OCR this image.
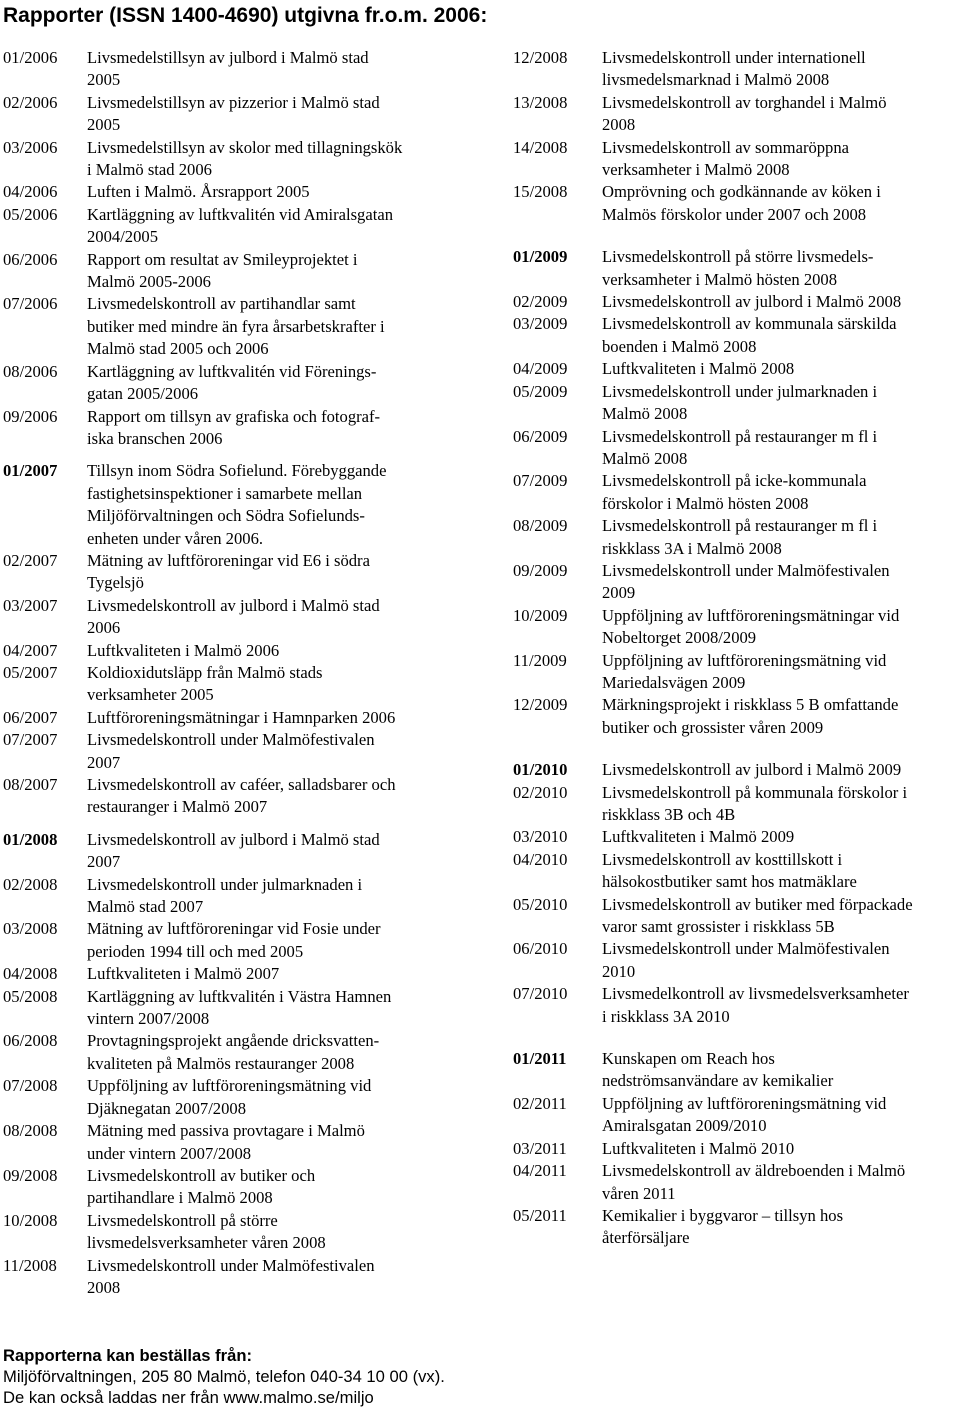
Rapporter (ISSN 1400-4690) utgivna fr.o.m. 2006:
01/2006	Livsmedelstillsyn av julbord i Malmö stad
2005
02/2006	Livsmedelstillsyn av pizzerior i Malmö stad
2005
03/2006	Livsmedelstillsyn av skolor med tillagningskök
i Malmö stad 2006
04/2006	Luften i Malmö. Årsrapport 2005
05/2006	Kartläggning av luftkvalitén vid Amiralsgatan
2004/2005
06/2006	Rapport om resultat av Smileyprojektet i
Malmö 2005-2006
07/2006	Livsmedelskontroll av partihandlar samt
butiker med mindre än fyra årsarbetskrafter i
Malmö stad 2005 och 2006
08/2006	Kartläggning av luftkvalitén vid Förenings-
gatan 2005/2006
09/2006	Rapport om tillsyn av grafiska och fotograf-
iska branschen 2006
01/2007	Tillsyn inom Södra Sofielund. Förebyggande
fastighetsinspektioner i samarbete mellan
Miljöförvaltningen och Södra Sofielunds-
enheten under våren 2006.
02/2007	Mätning av luftföroreningar vid E6 i södra
Tygelsjö
03/2007	Livsmedelskontroll av julbord i Malmö stad
2006
04/2007	Luftkvaliteten i Malmö 2006
05/2007	Koldioxidutsläpp från Malmö stads
verksamheter 2005
06/2007	Luftföroreningsmätningar i Hamnparken 2006
07/2007	Livsmedelskontroll under Malmöfestivalen
2007
08/2007	Livsmedelskontroll av caféer, salladsbarer och
restauranger i Malmö 2007
01/2008	Livsmedelskontroll av julbord i Malmö stad
2007
02/2008	Livsmedelskontroll under julmarknaden i
Malmö stad 2007
03/2008	Mätning av luftföroreningar vid Fosie under
perioden 1994 till och med 2005
04/2008	Luftkvaliteten i Malmö 2007
05/2008	Kartläggning av luftkvalitén i Västra Hamnen
vintern 2007/2008
06/2008	Provtagningsprojekt angående dricksvatten-
kvaliteten på Malmös restauranger 2008
07/2008	Uppföljning av luftföroreningsmätning vid
Djäknegatan 2007/2008
08/2008	Mätning med passiva provtagare i Malmö
under vintern 2007/2008
09/2008	Livsmedelskontroll av butiker och
partihandlare i Malmö 2008
10/2008	Livsmedelskontroll på större
livsmedelsverksamheter våren 2008
11/2008	Livsmedelskontroll under Malmöfestivalen
2008
12/2008	Livsmedelskontroll under internationell
livsmedelsmarknad i Malmö 2008
13/2008	Livsmedelskontroll av torghandel i Malmö
2008
14/2008	Livsmedelskontroll av sommaröppna
verksamheter i Malmö 2008
15/2008	Omprövning och godkännande av köken i
Malmös förskolor under 2007 och 2008
01/2009	Livsmedelskontroll på större livsmedels-
verksamheter i Malmö hösten 2008
02/2009	Livsmedelskontroll av julbord i Malmö 2008
03/2009	Livsmedelskontroll av kommunala särskilda
boenden i Malmö 2008
04/2009	Luftkvaliteten i Malmö 2008
05/2009	Livsmedelskontroll under julmarknaden i
Malmö 2008
06/2009	Livsmedelskontroll på restauranger m fl i
Malmö 2008
07/2009	Livsmedelskontroll på icke-kommunala
förskolor i Malmö hösten 2008
08/2009	Livsmedelskontroll på restauranger m fl i
riskklass 3A i Malmö 2008
09/2009	Livsmedelskontroll under Malmöfestivalen
2009
10/2009	Uppföljning av luftföroreningsmätningar vid
Nobeltorget 2008/2009
11/2009	Uppföljning av luftföroreningsmätning vid
Mariedalsvägen 2009
12/2009	Märkningsprojekt i riskklass 5 B omfattande
butiker och grossister våren 2009
01/2010	Livsmedelskontroll av julbord i Malmö 2009
02/2010	Livsmedelskontroll på kommunala förskolor i
riskklass 3B och 4B
03/2010	Luftkvaliteten i Malmö 2009
04/2010	Livsmedelskontroll av kosttillskott i
hälsokostbutiker samt hos matmäklare
05/2010	Livsmedelskontroll av butiker med förpackade
varor samt grossister i riskklass 5B
06/2010	Livsmedelskontroll under Malmöfestivalen
2010
07/2010	Livsmedelkontroll av livsmedelsverksamheter
i riskklass 3A 2010
01/2011	Kunskapen om Reach hos
nedströmsanvändare av kemikalier
02/2011	Uppföljning av luftföroreningsmätning vid
Amiralsgatan 2009/2010
03/2011	Luftkvaliteten i Malmö 2010
04/2011	Livsmedelskontroll av äldreboenden i Malmö
våren 2011
05/2011	Kemikalier i byggvaror – tillsyn hos
återförsäljare
Rapporterna kan beställas från:
Miljöförvaltningen, 205 80 Malmö, telefon 040-34 10 00 (vx).
De kan också laddas ner från www.malmo.se/miljo
